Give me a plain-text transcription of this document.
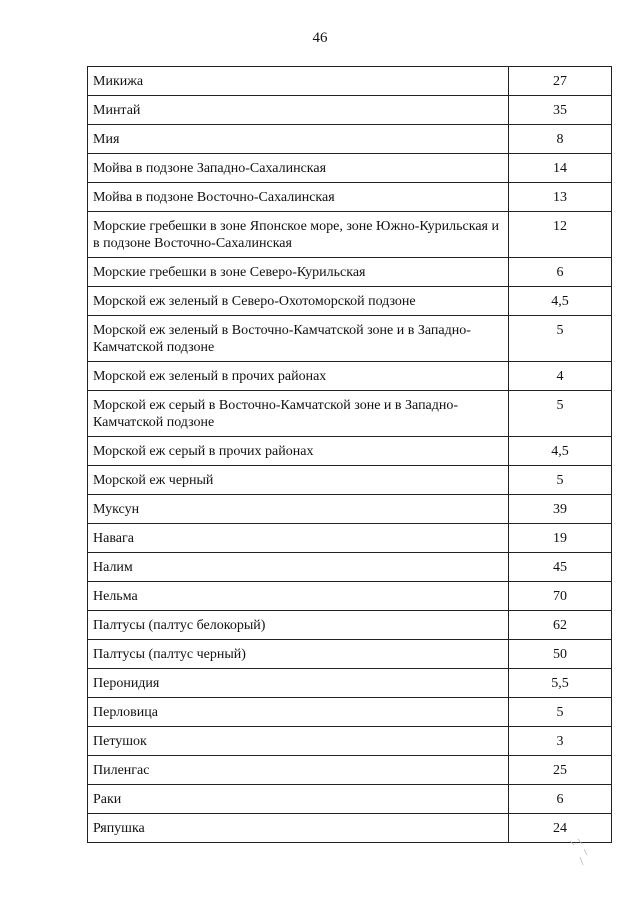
46
Микижа	27
Минтай	35
Мия	8
Мойва в подзоне Западно-Сахалинская	14
Мойва в подзоне Восточно-Сахалинская	13
Морские гребешки в зоне Японское море, зоне Южно-Курильская и в подзоне Восточно-Сахалинская	12
Морские гребешки в зоне Северо-Курильская	6
Морской еж зеленый в Северо-Охотоморской подзоне	4,5
Морской еж зеленый в Восточно-Камчатской зоне и в Западно-Камчатской подзоне	5
Морской еж зеленый в прочих районах	4
Морской еж серый в Восточно-Камчатской зоне и в Западно-Камчатской подзоне	5
Морской еж серый в прочих районах	4,5
Морской еж черный	5
Муксун	39
Навага	19
Налим	45
Нельма	70
Палтусы (палтус белокорый)	62
Палтусы (палтус черный)	50
Перонидия	5,5
Перловица	5
Петушок	3
Пиленгас	25
Раки	6
Ряпушка	24
